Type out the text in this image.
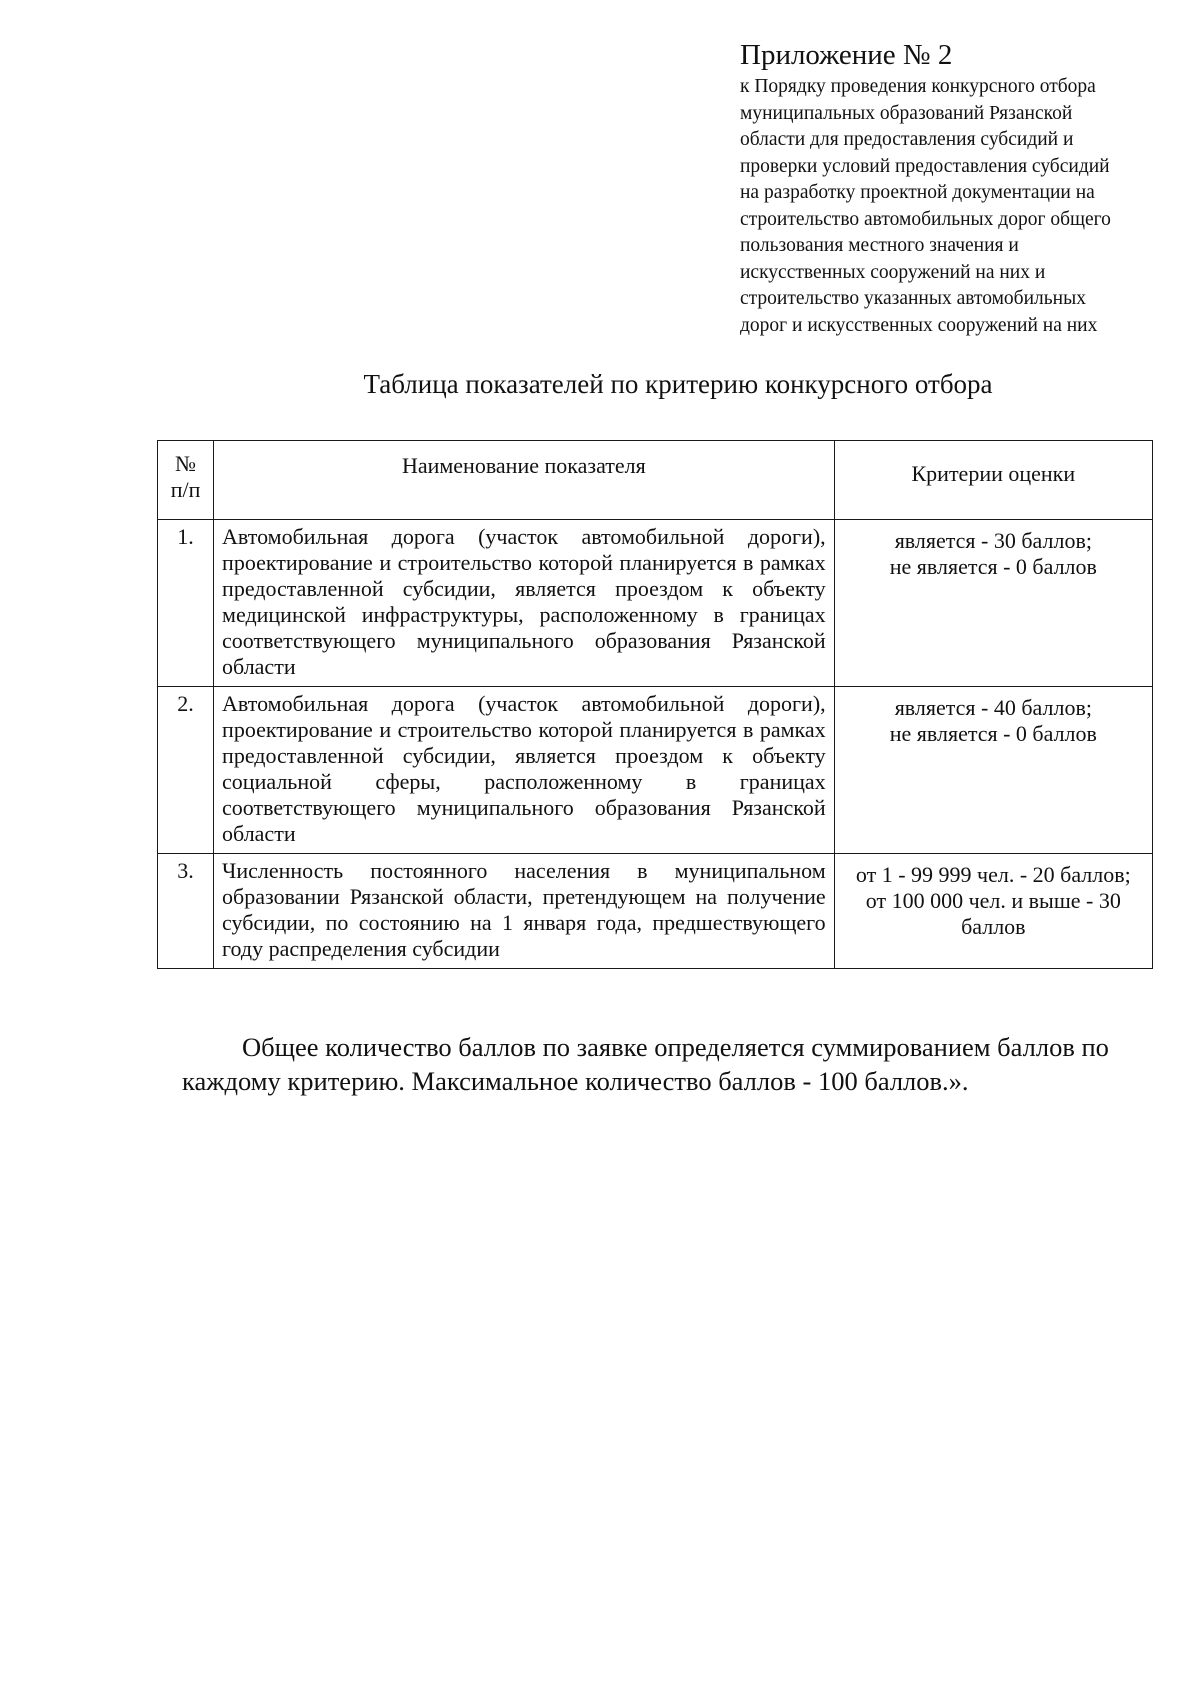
Приложение № 2
к Порядку проведения конкурсного отбора
муниципальных образований Рязанской
области для предоставления субсидий и
проверки условий предоставления субсидий
на разработку проектной документации на
строительство автомобильных дорог общего
пользования местного значения и
искусственных сооружений на них и
строительство указанных автомобильных
дорог и искусственных сооружений на них
Таблица показателей по критерию конкурсного отбора
№
п/п	Наименование показателя	Критерии оценки
1.	Автомобильная дорога (участок автомобильной дороги), проектирование и строительство которой планируется в рамках предоставленной субсидии, является проездом к объекту медицинской инфраструктуры, расположенному в границах соответствующего муниципального образования Рязанской области	является - 30 баллов;
не является - 0 баллов

2.	Автомобильная дорога (участок автомобильной дороги), проектирование и строительство которой планируется в рамках предоставленной субсидии, является проездом к объекту социальной сферы, расположенному в границах соответствующего муниципального образования Рязанской области	является - 40 баллов;
не является - 0 баллов

3.	Численность постоянного населения в муниципальном образовании Рязанской области, претендующем на получение субсидии, по состоянию на 1 января года, предшествующего году распределения субсидии	от 1 - 99 999 чел. - 20 баллов;
от 100 000 чел. и выше - 30 баллов
Общее количество баллов по заявке определяется суммированием баллов по
каждому критерию. Максимальное количество баллов - 100 баллов.».
